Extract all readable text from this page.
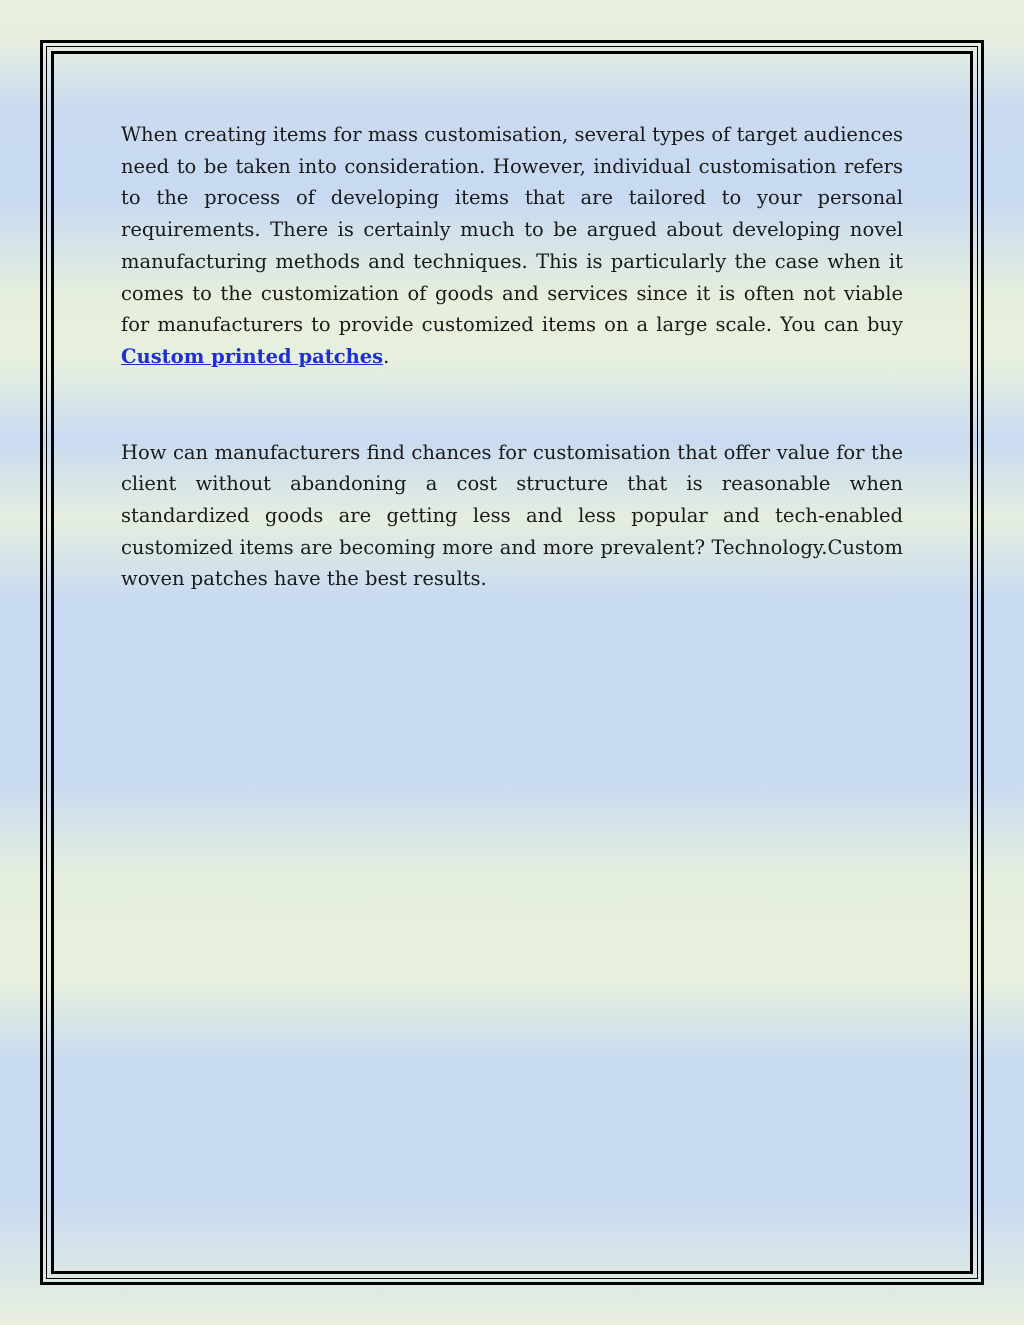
When creating items for mass customisation, several types of target audiences need to be taken into consideration. However, individual customisation refers to the process of developing items that are tailored to your personal requirements. There is certainly much to be argued about developing novel manufacturing methods and techniques. This is particularly the case when it comes to the customization of goods and services since it is often not viable for manufacturers to provide customized items on a large scale. You can buy Custom printed patches.

How can manufacturers find chances for customisation that offer value for the client without abandoning a cost structure that is reasonable when standardized goods are getting less and less popular and tech-enabled customized items are becoming more and more prevalent? Technology.Custom woven patches have the best results.
